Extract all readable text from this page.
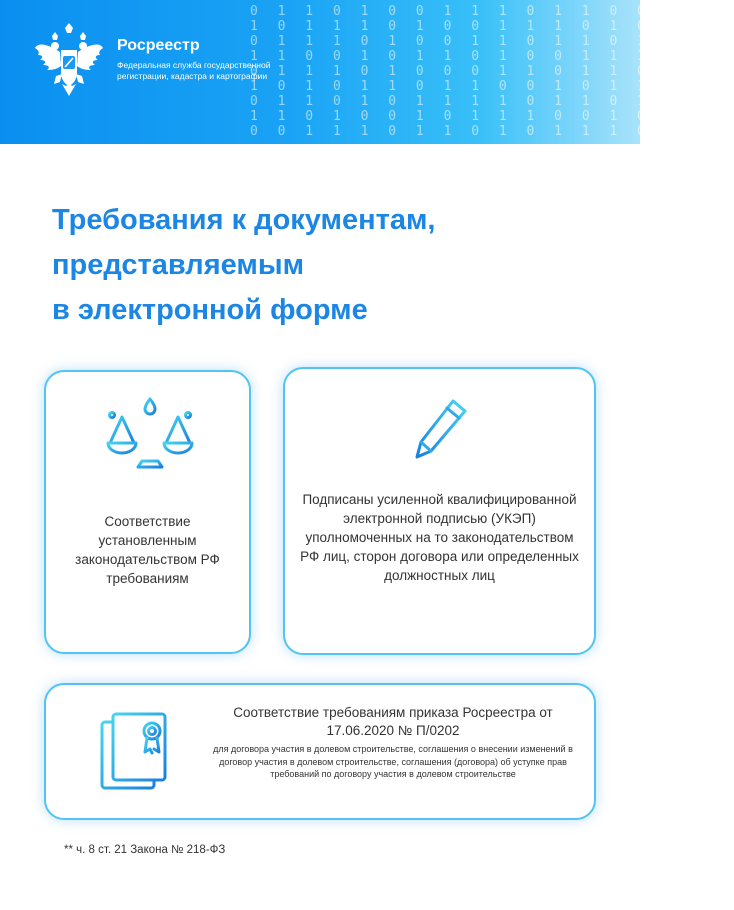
0 1 1 0 1 0 0 1 1 1 0 1 1 0 0 1 0 1
1 0 1 1 1 0 1 0 0 1 1 1 0 1 0 0 1 1
0 1 1 1 0 1 0 0 1 1 0 1 1 0 1 0 1 1
1 1 0 0 1 0 1 1 0 1 0 0 1 1 1 0 0 1
0 1 1 1 0 1 0 0 0 1 1 0 1 1 0 0 1 1
1 0 1 0 1 1 0 1 1 0 0 1 0 1 1 0 1 0
0 1 1 0 1 0 1 1 1 1 0 1 1 0 1 1 0 1
1 1 0 1 0 0 1 0 1 1 1 0 0 1 0 1 1 0
0 0 1 1 1 0 1 1 0 1 0 1 1 1 0 0 1 1
Росреестр
Федеральная служба государственной регистрации, кадастра и картографии
Требования к документам,
представляемым
в электронной форме
Соответствие установленным законодательством РФ требованиям
Подписаны усиленной квалифицированной электронной подписью (УКЭП) уполномоченных на то законодательством РФ лиц, сторон договора или определенных должностных лиц
Соответствие требованиям приказа Росреестра от 17.06.2020 № П/0202
для договора участия в долевом строительстве, соглашения о внесении изменений в договор участия в долевом строительстве, соглашения (договора) об уступке прав требований по договору участия в долевом строительстве
** ч. 8 ст. 21 Закона № 218-ФЗ
